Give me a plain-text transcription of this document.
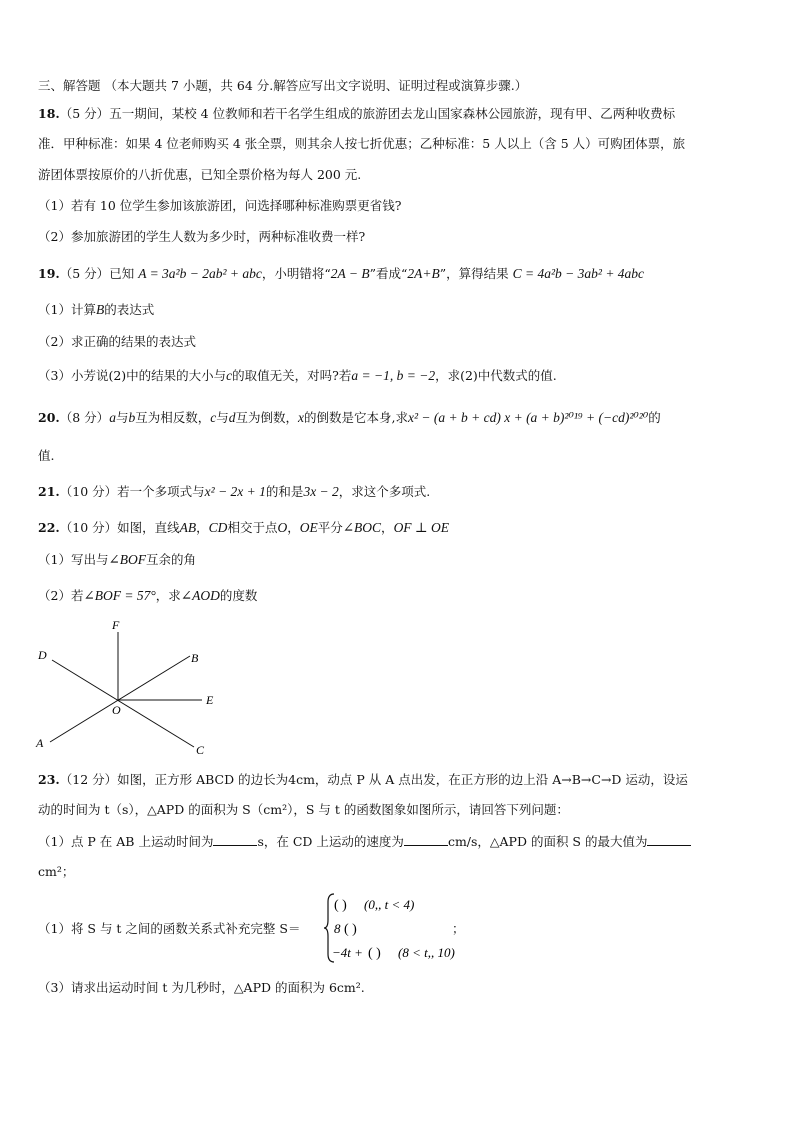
三、解答题 （本大题共 7 小题，共 64 分.解答应写出文字说明、证明过程或演算步骤.）
18.（5 分）五一期间，某校 4 位教师和若干名学生组成的旅游团去龙山国家森林公园旅游，现有甲、乙两种收费标
准．甲种标准：如果 4 位老师购买 4 张全票，则其余人按七折优惠；乙种标准：5 人以上（含 5 人）可购团体票，旅
游团体票按原价的八折优惠，已知全票价格为每人 200 元.
（1）若有 10 位学生参加该旅游团，问选择哪种标准购票更省钱?
（2）参加旅游团的学生人数为多少时，两种标准收费一样?
19.（5 分）已知 A = 3a²b − 2ab² + abc，小明错将“2A − B”看成“2A+B”，算得结果 C = 4a²b − 3ab² + 4abc
（1）计算B的表达式
（2）求正确的结果的表达式
（3）小芳说(2)中的结果的大小与c的取值无关，对吗?若a = −1, b = −2，求(2)中代数式的值.
20.（8 分）a与b互为相反数，c与d互为倒数，x的倒数是它本身,求x² − (a + b + cd) x + (a + b)²⁰¹⁹ + (−cd)²⁰²⁰的
值.
21.（10 分）若一个多项式与x² − 2x + 1的和是3x − 2，求这个多项式.
22.（10 分）如图，直线AB，CD相交于点O，OE平分∠BOC，OF ⊥ OE
（1）写出与∠BOF互余的角
（2）若∠BOF = 57°，求∠AOD的度数
F
D	B
E
O
A	C
23.（12 分）如图，正方形 ABCD 的边长为4cm，动点 P 从 A 点出发，在正方形的边上沿 A→B→C→D 运动，设运
动的时间为 t（s），△APD 的面积为 S（cm²），S 与 t 的函数图象如图所示，请回答下列问题：
（1）点 P 在 AB 上运动时间为	s，在 CD 上运动的速度为	cm/s，△APD 的面积 S 的最大值为
cm²；
（1）将 S 与 t 之间的函数关系式补充完整 S＝
( ) (0,, t < 4)
8 ( )
−4t + ( ) (8 < t,, 10)
；
（3）请求出运动时间 t 为几秒时，△APD 的面积为 6cm².
